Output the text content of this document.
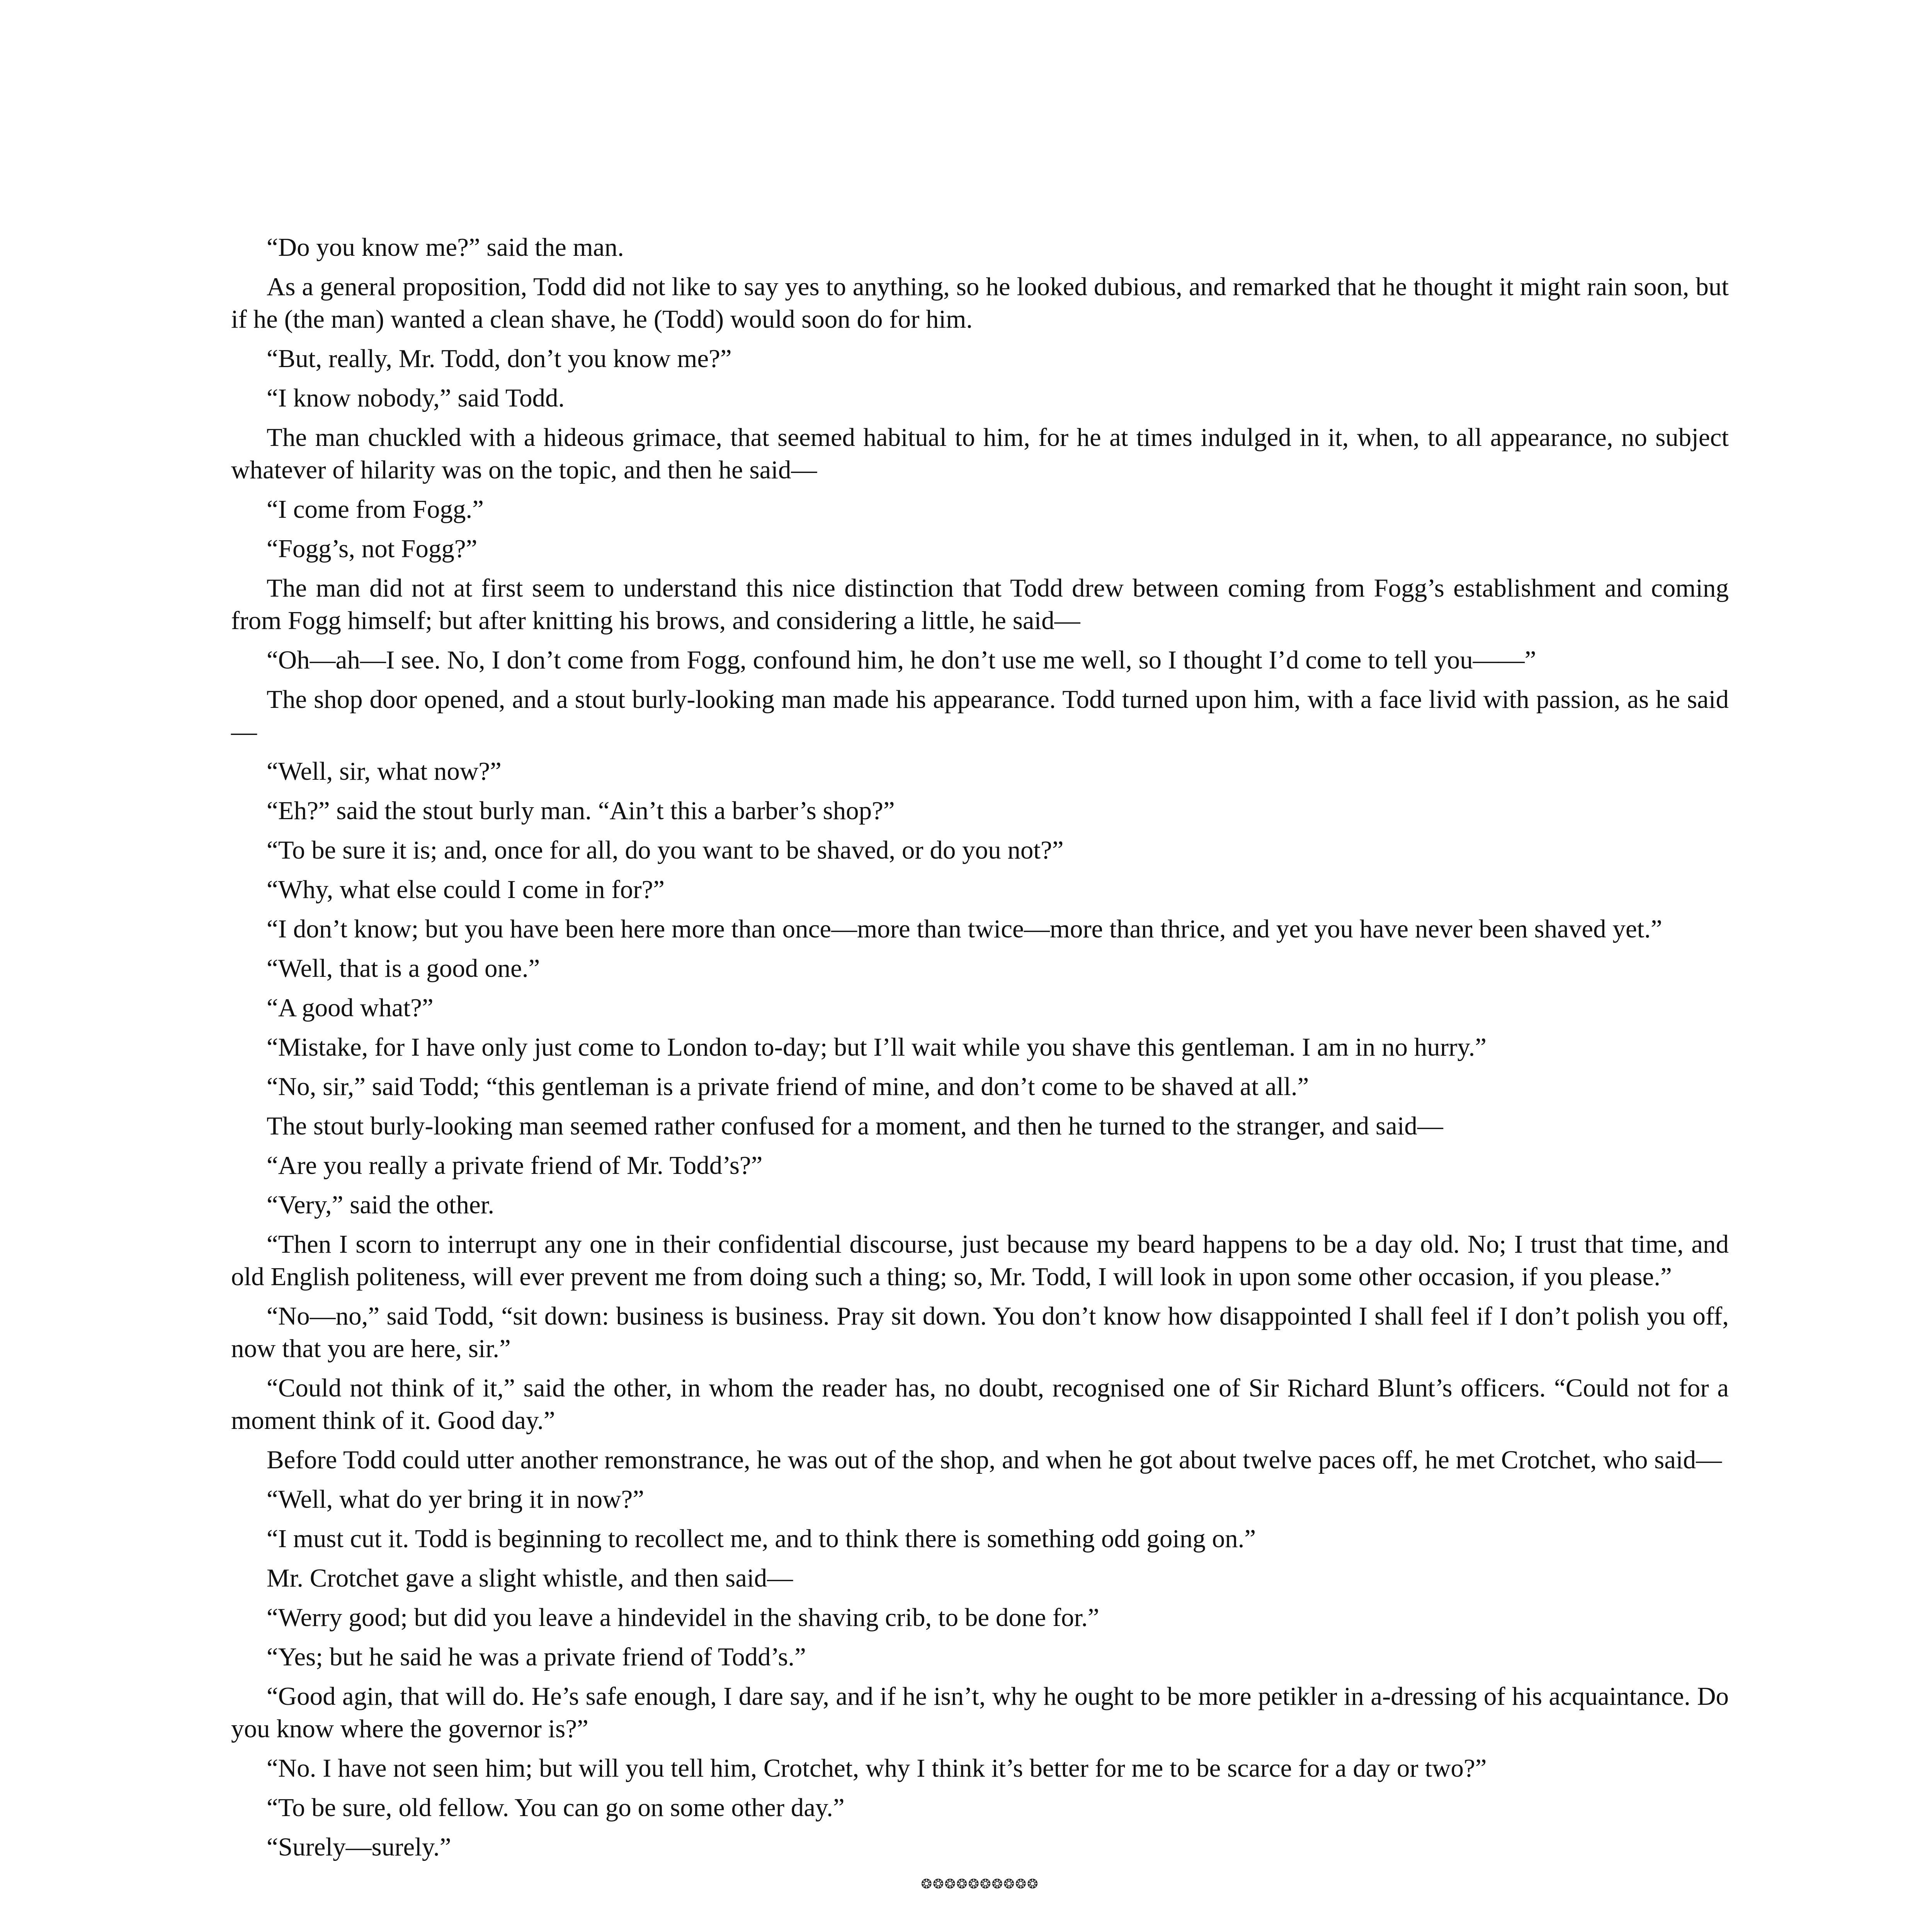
“Do you know me?” said the man.

As a general proposition, Todd did not like to say yes to anything, so he looked dubious, and remarked that he thought it might rain soon, but if he (the man) wanted a clean shave, he (Todd) would soon do for him.

“But, really, Mr. Todd, don’t you know me?”

“I know nobody,” said Todd.

The man chuckled with a hideous grimace, that seemed habitual to him, for he at times indulged in it, when, to all appearance, no subject whatever of hilarity was on the topic, and then he said—

“I come from Fogg.”

“Fogg’s, not Fogg?”

The man did not at first seem to understand this nice distinction that Todd drew between coming from Fogg’s establishment and coming from Fogg himself; but after knitting his brows, and considering a little, he said—

“Oh—ah—I see. No, I don’t come from Fogg, confound him, he don’t use me well, so I thought I’d come to tell you——”

The shop door opened, and a stout burly-looking man made his appearance. Todd turned upon him, with a face livid with passion, as he said—

“Well, sir, what now?”

“Eh?” said the stout burly man. “Ain’t this a barber’s shop?”

“To be sure it is; and, once for all, do you want to be shaved, or do you not?”

“Why, what else could I come in for?”

“I don’t know; but you have been here more than once—more than twice—more than thrice, and yet you have never been shaved yet.”

“Well, that is a good one.”

“A good what?”

“Mistake, for I have only just come to London to-day; but I’ll wait while you shave this gentleman. I am in no hurry.”

“No, sir,” said Todd; “this gentleman is a private friend of mine, and don’t come to be shaved at all.”

The stout burly-looking man seemed rather confused for a moment, and then he turned to the stranger, and said—

“Are you really a private friend of Mr. Todd’s?”

“Very,” said the other.

“Then I scorn to interrupt any one in their confidential discourse, just because my beard happens to be a day old. No; I trust that time, and old English politeness, will ever prevent me from doing such a thing; so, Mr. Todd, I will look in upon some other occasion, if you please.”

“No—no,” said Todd, “sit down: business is business. Pray sit down. You don’t know how disappointed I shall feel if I don’t polish you off, now that you are here, sir.”

“Could not think of it,” said the other, in whom the reader has, no doubt, recognised one of Sir Richard Blunt’s officers. “Could not for a moment think of it. Good day.”

Before Todd could utter another remonstrance, he was out of the shop, and when he got about twelve paces off, he met Crotchet, who said—

“Well, what do yer bring it in now?”

“I must cut it. Todd is beginning to recollect me, and to think there is something odd going on.”

Mr. Crotchet gave a slight whistle, and then said—

“Werry good; but did you leave a hindevidel in the shaving crib, to be done for.”

“Yes; but he said he was a private friend of Todd’s.”

“Good agin, that will do. He’s safe enough, I dare say, and if he isn’t, why he ought to be more petikler in a-dressing of his acquaintance. Do you know where the governor is?”

“No. I have not seen him; but will you tell him, Crotchet, why I think it’s better for me to be scarce for a day or two?”

“To be sure, old fellow. You can go on some other day.”

“Surely—surely.”

❂❂❂❂❂❂❂❂❂❂
